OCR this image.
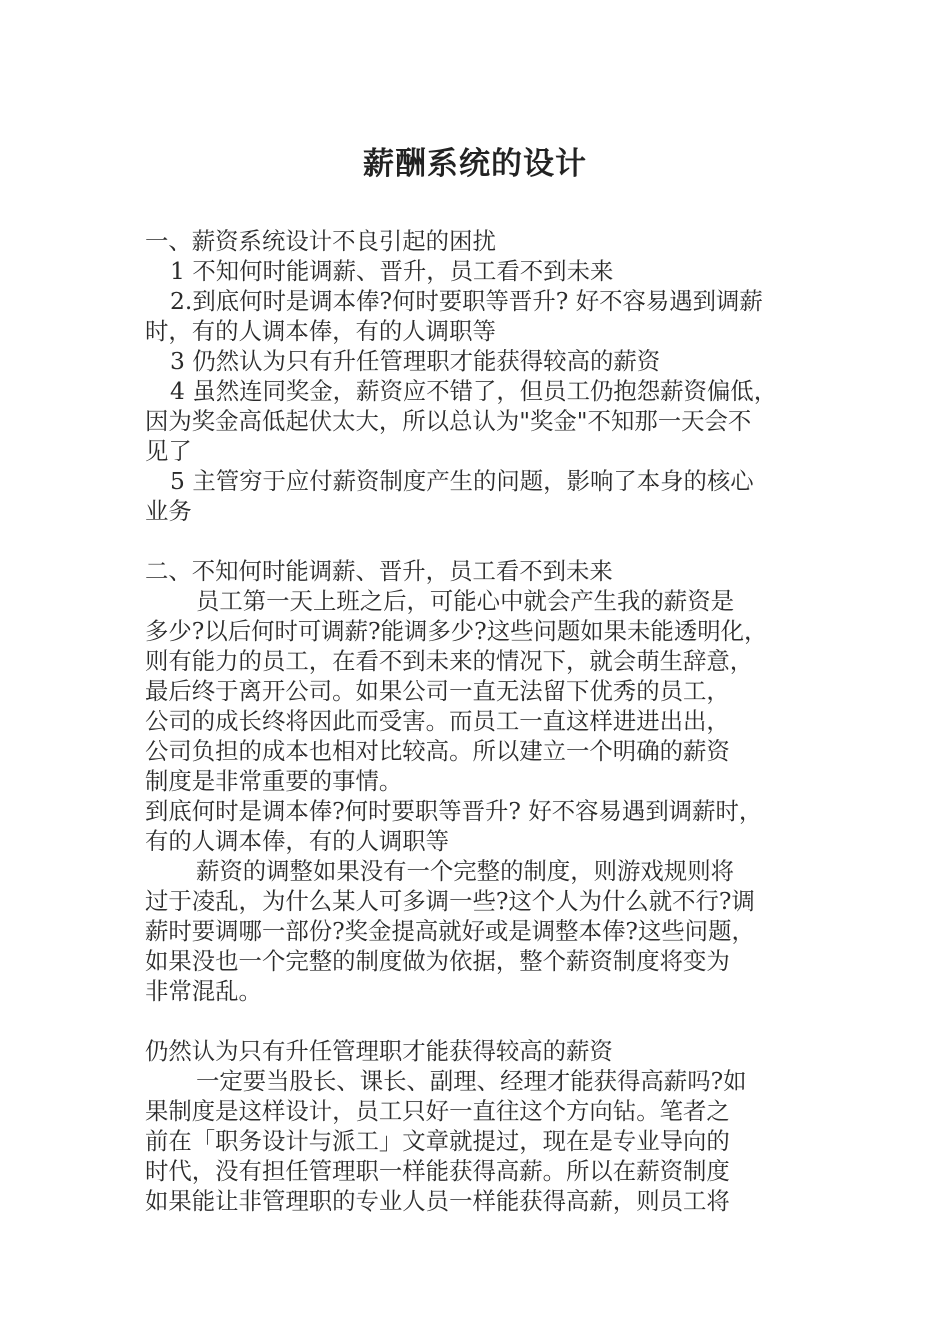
薪酬系统的设计
一、薪资系统设计不良引起的困扰
1 不知何时能调薪、晋升，员工看不到未来
2.到底何时是调本俸?何时要职等晋升? 好不容易遇到调薪
时，有的人调本俸，有的人调职等
3 仍然认为只有升任管理职才能获得较高的薪资
4 虽然连同奖金，薪资应不错了，但员工仍抱怨薪资偏低，
因为奖金高低起伏太大，所以总认为"奖金"不知那一天会不
见了
5 主管穷于应付薪资制度产生的问题，影响了本身的核心
业务
二、不知何时能调薪、晋升，员工看不到未来
员工第一天上班之后，可能心中就会产生我的薪资是
多少?以后何时可调薪?能调多少?这些问题如果未能透明化，
则有能力的员工，在看不到未来的情况下，就会萌生辞意，
最后终于离开公司。如果公司一直无法留下优秀的员工，
公司的成长终将因此而受害。而员工一直这样进进出出，
公司负担的成本也相对比较高。所以建立一个明确的薪资
制度是非常重要的事情。
到底何时是调本俸?何时要职等晋升? 好不容易遇到调薪时，
有的人调本俸，有的人调职等
薪资的调整如果没有一个完整的制度，则游戏规则将
过于凌乱，为什么某人可多调一些?这个人为什么就不行?调
薪时要调哪一部份?奖金提高就好或是调整本俸?这些问题，
如果没也一个完整的制度做为依据，整个薪资制度将变为
非常混乱。
仍然认为只有升任管理职才能获得较高的薪资
一定要当股长、课长、副理、经理才能获得高薪吗?如
果制度是这样设计，员工只好一直往这个方向钻。笔者之
前在「职务设计与派工」文章就提过，现在是专业导向的
时代，没有担任管理职一样能获得高薪。所以在薪资制度
如果能让非管理职的专业人员一样能获得高薪，则员工将
